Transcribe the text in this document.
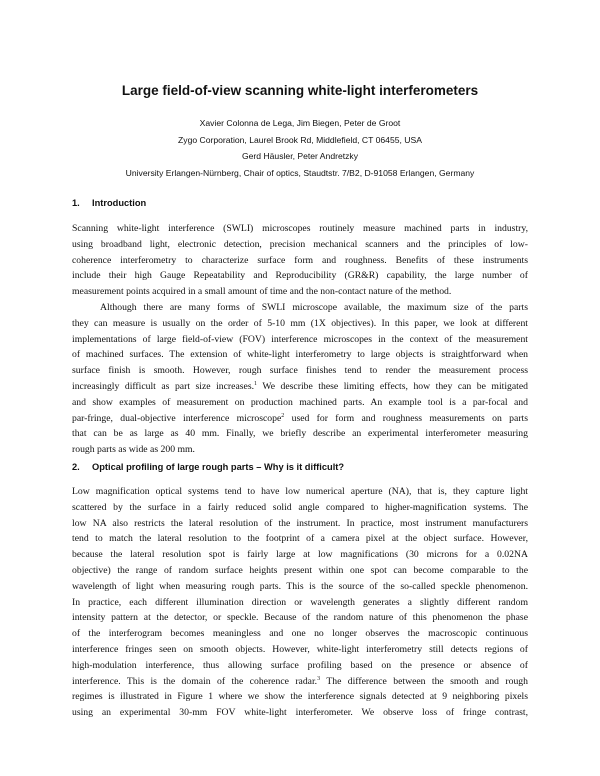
Large field-of-view scanning white-light interferometers
Xavier Colonna de Lega, Jim Biegen, Peter de Groot
Zygo Corporation, Laurel Brook Rd, Middlefield, CT 06455, USA
Gerd Häusler, Peter Andretzky
University Erlangen-Nürnberg, Chair of optics, Staudtstr. 7/B2, D-91058 Erlangen, Germany
1. Introduction
Scanning white-light interference (SWLI) microscopes routinely measure machined parts in industry,
using broadband light, electronic detection, precision mechanical scanners and the principles of low-
coherence interferometry to characterize surface form and roughness. Benefits of these instruments
include their high Gauge Repeatability and Reproducibility (GR&R) capability, the large number of
measurement points acquired in a small amount of time and the non-contact nature of the method.
Although there are many forms of SWLI microscope available, the maximum size of the parts
they can measure is usually on the order of 5-10 mm (1X objectives). In this paper, we look at different
implementations of large field-of-view (FOV) interference microscopes in the context of the measurement
of machined surfaces. The extension of white-light interferometry to large objects is straightforward when
surface finish is smooth. However, rough surface finishes tend to render the measurement process
increasingly difficult as part size increases.$^1$ We describe these limiting effects, how they can be mitigated
and show examples of measurement on production machined parts. An example tool is a par-focal and
par-fringe, dual-objective interference microscope$^2$ used for form and roughness measurements on parts
that can be as large as 40 mm. Finally, we briefly describe an experimental interferometer measuring
rough parts as wide as 200 mm.
2. Optical profiling of large rough parts – Why is it difficult?
Low magnification optical systems tend to have low numerical aperture (NA), that is, they capture light
scattered by the surface in a fairly reduced solid angle compared to higher-magnification systems. The
low NA also restricts the lateral resolution of the instrument. In practice, most instrument manufacturers
tend to match the lateral resolution to the footprint of a camera pixel at the object surface. However,
because the lateral resolution spot is fairly large at low magnifications (30 microns for a 0.02NA
objective) the range of random surface heights present within one spot can become comparable to the
wavelength of light when measuring rough parts. This is the source of the so-called speckle phenomenon.
In practice, each different illumination direction or wavelength generates a slightly different random
intensity pattern at the detector, or speckle. Because of the random nature of this phenomenon the phase
of the interferogram becomes meaningless and one no longer observes the macroscopic continuous
interference fringes seen on smooth objects. However, white-light interferometry still detects regions of
high-modulation interference, thus allowing surface profiling based on the presence or absence of
interference. This is the domain of the coherence radar.$^3$ The difference between the smooth and rough
regimes is illustrated in Figure 1 where we show the interference signals detected at 9 neighboring pixels
using an experimental 30-mm FOV white-light interferometer. We observe loss of fringe contrast,
